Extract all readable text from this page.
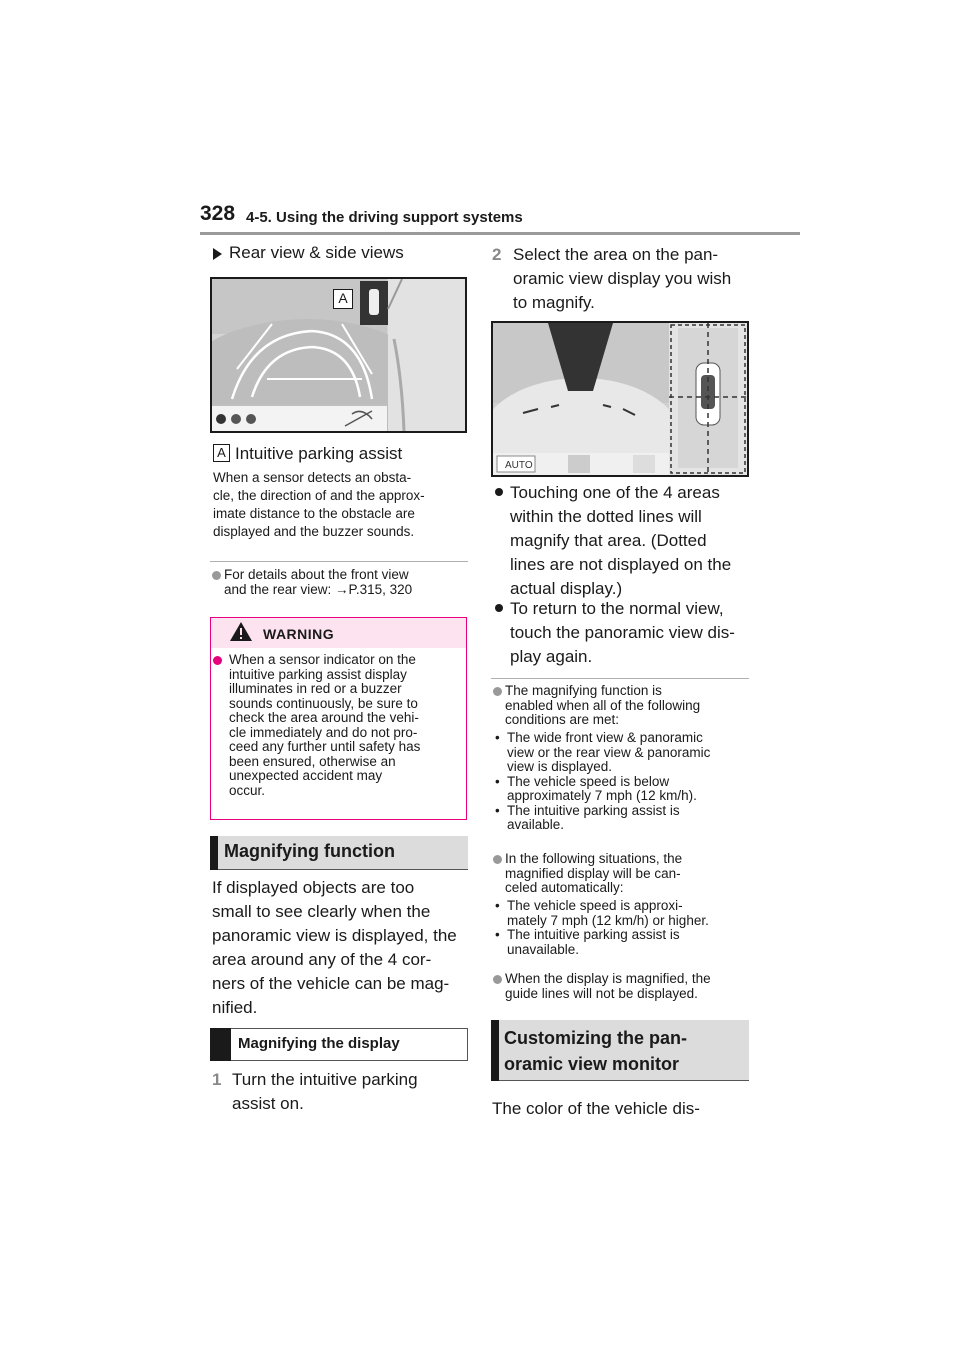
328 4-5. Using the driving support systems
Rear view & side views
A
A Intuitive parking assist
When a sensor detects an obsta-
cle, the direction of and the approx-
imate distance to the obstacle are
displayed and the buzzer sounds.
For details about the front view
and the rear view: →P.315, 320
WARNING
When a sensor indicator on the
intuitive parking assist display
illuminates in red or a buzzer
sounds continuously, be sure to
check the area around the vehi-
cle immediately and do not pro-
ceed any further until safety has
been ensured, otherwise an
unexpected accident may
occur.
Magnifying function
If displayed objects are too
small to see clearly when the
panoramic view is displayed, the
area around any of the 4 cor-
ners of the vehicle can be mag-
nified.
Magnifying the display
1 Turn the intuitive parking
assist on.
2 Select the area on the pan-
oramic view display you wish
to magnify.
AUTO
Touching one of the 4 areas
within the dotted lines will
magnify that area. (Dotted
lines are not displayed on the
actual display.)
To return to the normal view,
touch the panoramic view dis-
play again.
The magnifying function is
enabled when all of the following
conditions are met:
• The wide front view & panoramic
view or the rear view & panoramic
view is displayed.
• The vehicle speed is below
approximately 7 mph (12 km/h).
• The intuitive parking assist is
available.
In the following situations, the
magnified display will be can-
celed automatically:
• The vehicle speed is approxi-
mately 7 mph (12 km/h) or higher.
• The intuitive parking assist is
unavailable.
When the display is magnified, the
guide lines will not be displayed.
Customizing the pan-
oramic view monitor
The color of the vehicle dis-
